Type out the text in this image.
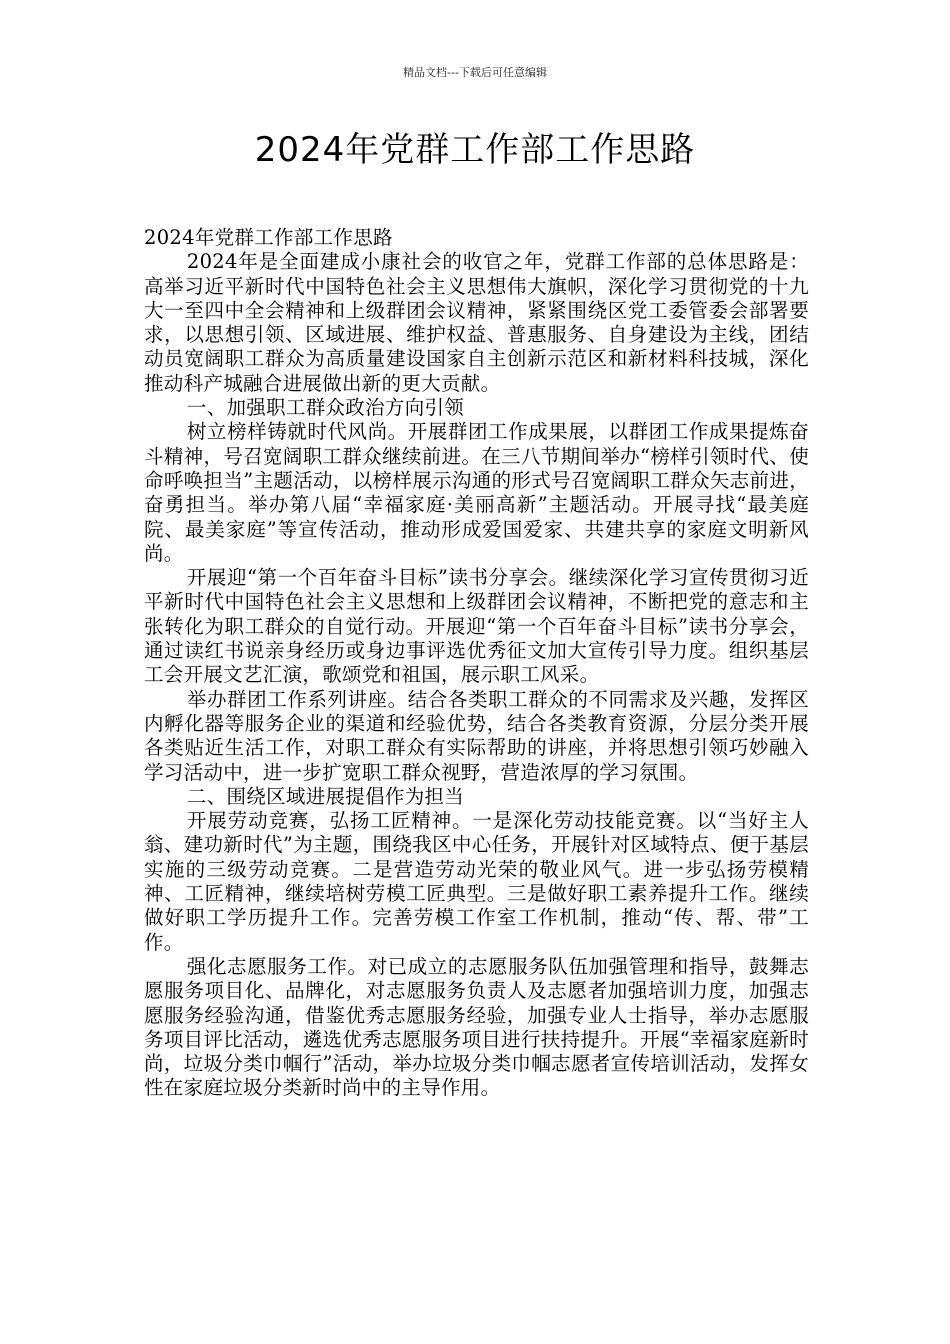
精品文档---下载后可任意编辑
2024年党群工作部工作思路

2024年党群工作部工作思路

2024年是全面建成小康社会的收官之年，党群工作部的总体思路是：高举习近平新时代中国特色社会主义思想伟大旗帜，深化学习贯彻党的十九大一至四中全会精神和上级群团会议精神，紧紧围绕区党工委管委会部署要求，以思想引领、区域进展、维护权益、普惠服务、自身建设为主线，团结动员宽阔职工群众为高质量建设国家自主创新示范区和新材料科技城，深化推动科产城融合进展做出新的更大贡献。

一、加强职工群众政治方向引领

树立榜样铸就时代风尚。开展群团工作成果展，以群团工作成果提炼奋斗精神，号召宽阔职工群众继续前进。在三八节期间举办“榜样引领时代、使命呼唤担当”主题活动，以榜样展示沟通的形式号召宽阔职工群众矢志前进，奋勇担当。举办第八届“幸福家庭·美丽高新”主题活动。开展寻找“最美庭院、最美家庭”等宣传活动，推动形成爱国爱家、共建共享的家庭文明新风尚。

开展迎“第一个百年奋斗目标”读书分享会。继续深化学习宣传贯彻习近平新时代中国特色社会主义思想和上级群团会议精神，不断把党的意志和主张转化为职工群众的自觉行动。开展迎“第一个百年奋斗目标”读书分享会，通过读红书说亲身经历或身边事评选优秀征文加大宣传引导力度。组织基层工会开展文艺汇演，歌颂党和祖国，展示职工风采。

举办群团工作系列讲座。结合各类职工群众的不同需求及兴趣，发挥区内孵化器等服务企业的渠道和经验优势，结合各类教育资源，分层分类开展各类贴近生活工作，对职工群众有实际帮助的讲座，并将思想引领巧妙融入学习活动中，进一步扩宽职工群众视野，营造浓厚的学习氛围。

二、围绕区域进展提倡作为担当

开展劳动竞赛，弘扬工匠精神。一是深化劳动技能竞赛。以“当好主人翁、建功新时代”为主题，围绕我区中心任务，开展针对区域特点、便于基层实施的三级劳动竞赛。二是营造劳动光荣的敬业风气。进一步弘扬劳模精神、工匠精神，继续培树劳模工匠典型。三是做好职工素养提升工作。继续做好职工学历提升工作。完善劳模工作室工作机制，推动“传、帮、带”工作。

强化志愿服务工作。对已成立的志愿服务队伍加强管理和指导，鼓舞志愿服务项目化、品牌化，对志愿服务负责人及志愿者加强培训力度，加强志愿服务经验沟通，借鉴优秀志愿服务经验，加强专业人士指导，举办志愿服务项目评比活动，遴选优秀志愿服务项目进行扶持提升。开展“幸福家庭新时尚，垃圾分类巾帼行”活动，举办垃圾分类巾帼志愿者宣传培训活动，发挥女性在家庭垃圾分类新时尚中的主导作用。
